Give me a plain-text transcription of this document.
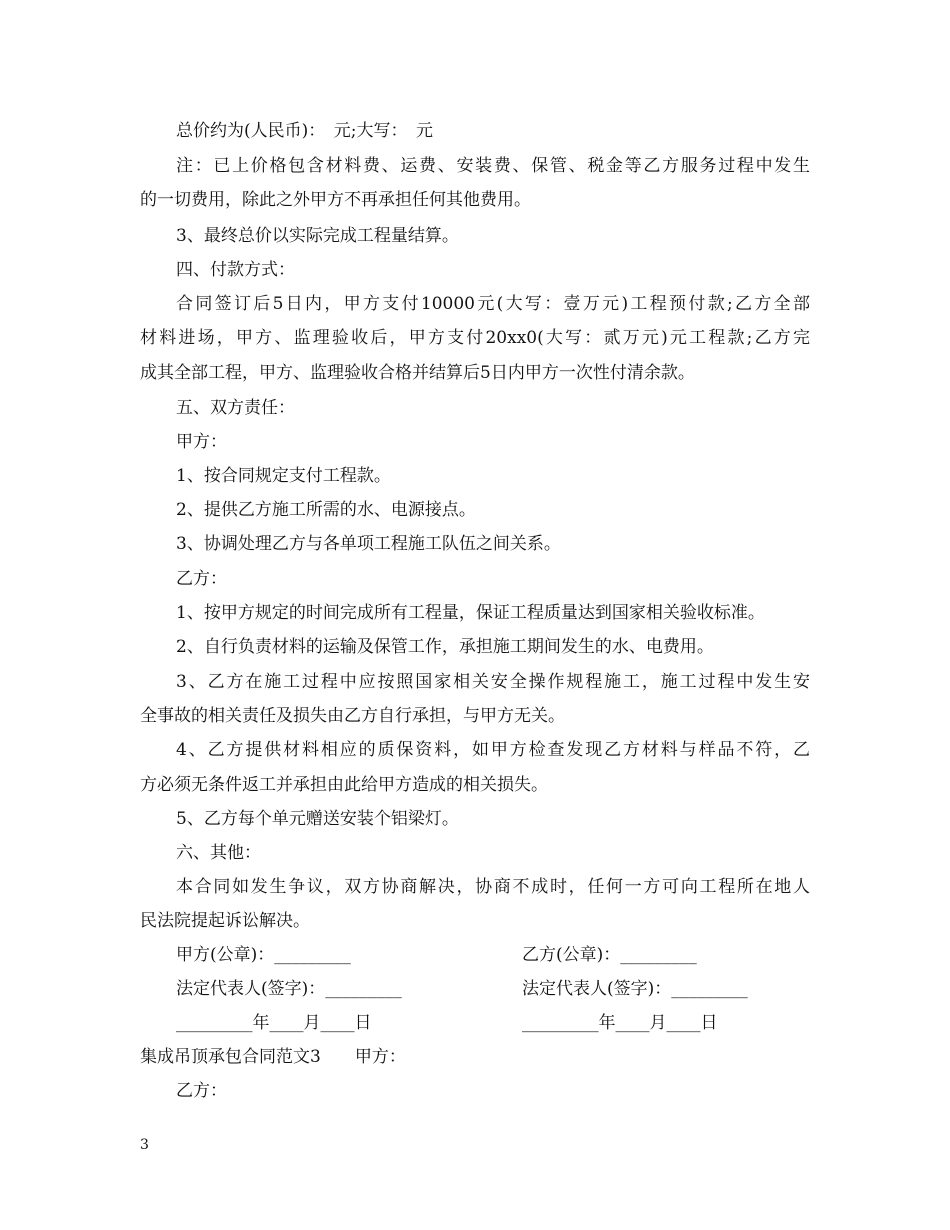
总价约为(人民币)：　元;大写：　元
注：已上价格包含材料费、运费、安装费、保管、税金等乙方服务过程中发生
的一切费用，除此之外甲方不再承担任何其他费用。
3、最终总价以实际完成工程量结算。
四、付款方式：
合同签订后5日内，甲方支付10000元(大写：壹万元)工程预付款;乙方全部
材料进场，甲方、监理验收后，甲方支付20xx0(大写：贰万元)元工程款;乙方完
成其全部工程，甲方、监理验收合格并结算后5日内甲方一次性付清余款。
五、双方责任：
甲方：
1、按合同规定支付工程款。
2、提供乙方施工所需的水、电源接点。
3、协调处理乙方与各单项工程施工队伍之间关系。
乙方：
1、按甲方规定的时间完成所有工程量，保证工程质量达到国家相关验收标准。
2、自行负责材料的运输及保管工作，承担施工期间发生的水、电费用。
3、乙方在施工过程中应按照国家相关安全操作规程施工，施工过程中发生安
全事故的相关责任及损失由乙方自行承担，与甲方无关。
4、乙方提供材料相应的质保资料，如甲方检查发现乙方材料与样品不符，乙
方必须无条件返工并承担由此给甲方造成的相关损失。
5、乙方每个单元赠送安装个铝梁灯。
六、其他：
本合同如发生争议，双方协商解决，协商不成时，任何一方可向工程所在地人
民法院提起诉讼解决。
甲方(公章)：_________	乙方(公章)：_________
法定代表人(签字)：_________	法定代表人(签字)：_________
_________年____月____日	_________年____月____日
集成吊顶承包合同范文3　　甲方：
乙方：
3
